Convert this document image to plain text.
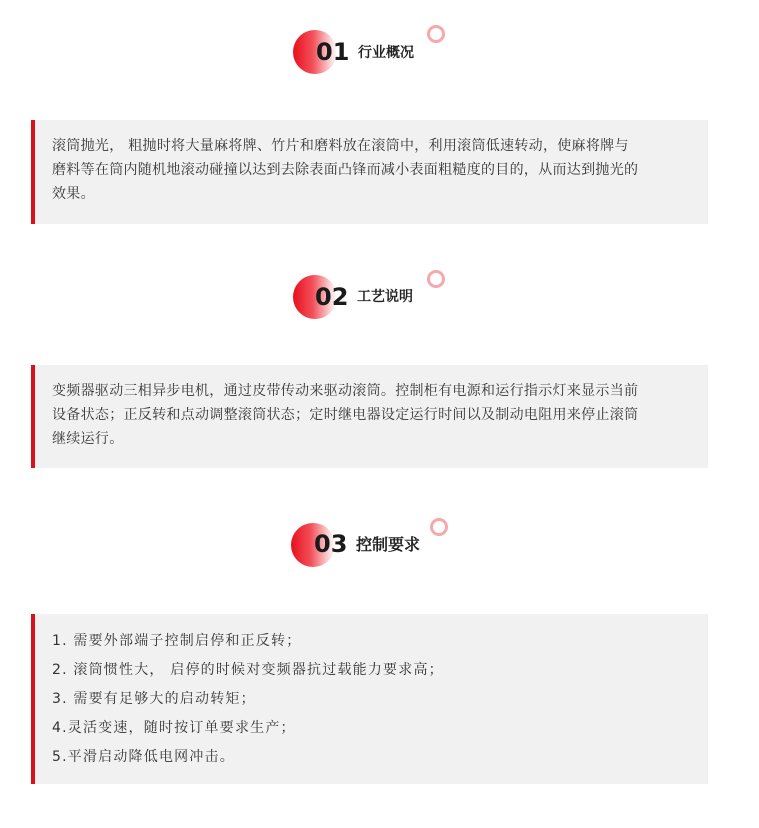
01 行业概况
滚筒抛光， 粗抛时将大量麻将牌、竹片和磨料放在滚筒中，利用滚筒低速转动，使麻将牌与
磨料等在筒内随机地滚动碰撞以达到去除表面凸锋而减小表面粗糙度的目的，从而达到抛光的
效果。
02 工艺说明
变频器驱动三相异步电机，通过皮带传动来驱动滚筒。控制柜有电源和运行指示灯来显示当前
设备状态；正反转和点动调整滚筒状态；定时继电器设定运行时间以及制动电阻用来停止滚筒
继续运行。
03 控制要求
1. 需要外部端子控制启停和正反转；
2. 滚筒惯性大， 启停的时候对变频器抗过载能力要求高；
3. 需要有足够大的启动转矩；
4.灵活变速，随时按订单要求生产；
5.平滑启动降低电网冲击。
